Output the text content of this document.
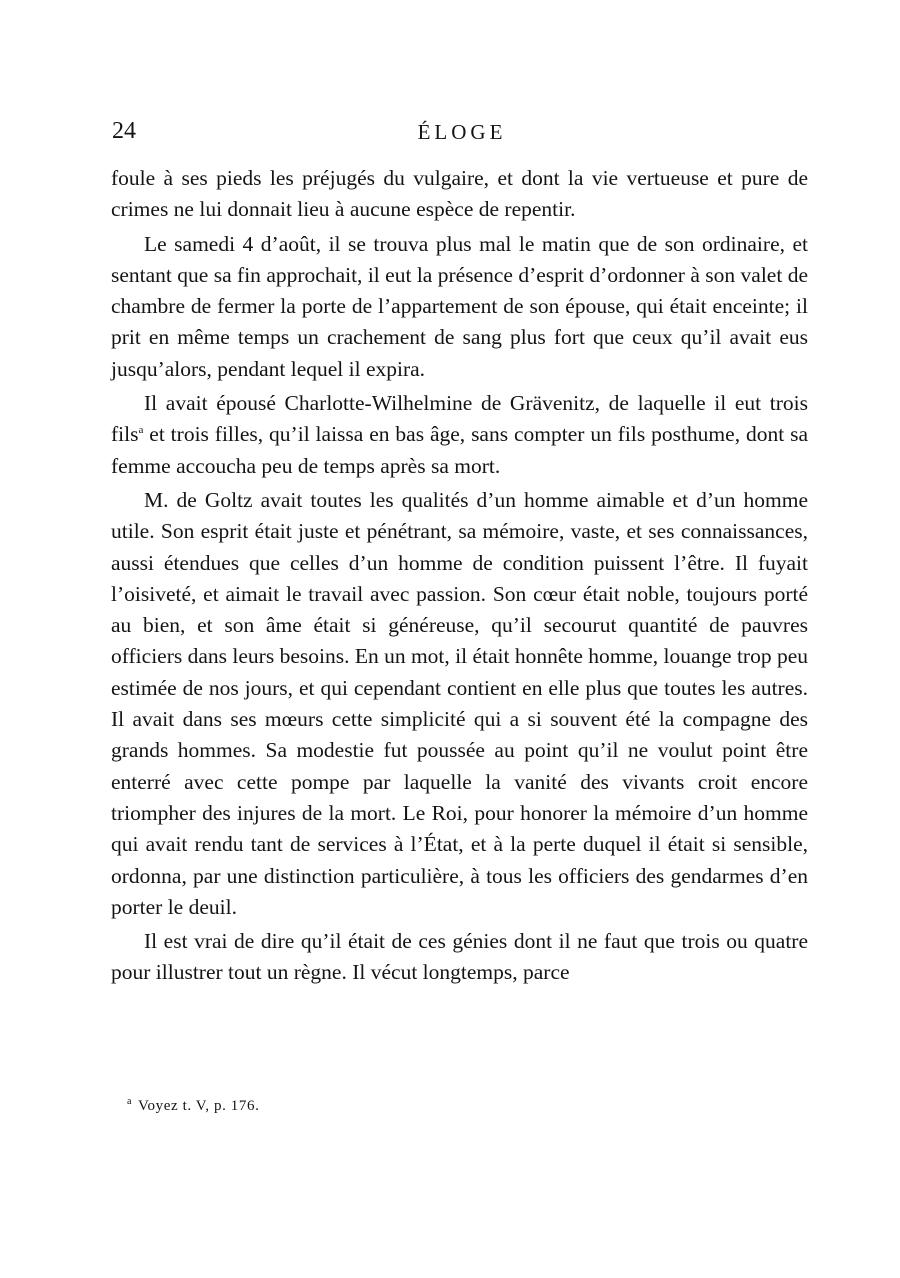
24	ÉLOGE

foule à ses pieds les préjugés du vulgaire, et dont la vie vertueuse et pure de crimes ne lui donnait lieu à aucune espèce de repentir.

Le samedi 4 d’août, il se trouva plus mal le matin que de son ordinaire, et sentant que sa fin approchait, il eut la présence d’esprit d’ordonner à son valet de chambre de fermer la porte de l’appartement de son épouse, qui était enceinte; il prit en même temps un crachement de sang plus fort que ceux qu’il avait eus jusqu’alors, pendant lequel il expira.

Il avait épousé Charlotte-Wilhelmine de Grävenitz, de laquelle il eut trois fils$^a$ et trois filles, qu’il laissa en bas âge, sans compter un fils posthume, dont sa femme accoucha peu de temps après sa mort.

M. de Goltz avait toutes les qualités d’un homme aimable et d’un homme utile. Son esprit était juste et pénétrant, sa mémoire, vaste, et ses connaissances, aussi étendues que celles d’un homme de condition puissent l’être. Il fuyait l’oisiveté, et aimait le travail avec passion. Son cœur était noble, toujours porté au bien, et son âme était si généreuse, qu’il secourut quantité de pauvres officiers dans leurs besoins. En un mot, il était honnête homme, louange trop peu estimée de nos jours, et qui cependant contient en elle plus que toutes les autres. Il avait dans ses mœurs cette simplicité qui a si souvent été la compagne des grands hommes. Sa modestie fut poussée au point qu’il ne voulut point être enterré avec cette pompe par laquelle la vanité des vivants croit encore triompher des injures de la mort. Le Roi, pour honorer la mémoire d’un homme qui avait rendu tant de services à l’État, et à la perte duquel il était si sensible, ordonna, par une distinction particulière, à tous les officiers des gendarmes d’en porter le deuil.

Il est vrai de dire qu’il était de ces génies dont il ne faut que trois ou quatre pour illustrer tout un règne. Il vécut longtemps, parce

$^a$ Voyez t. V, p. 176.
